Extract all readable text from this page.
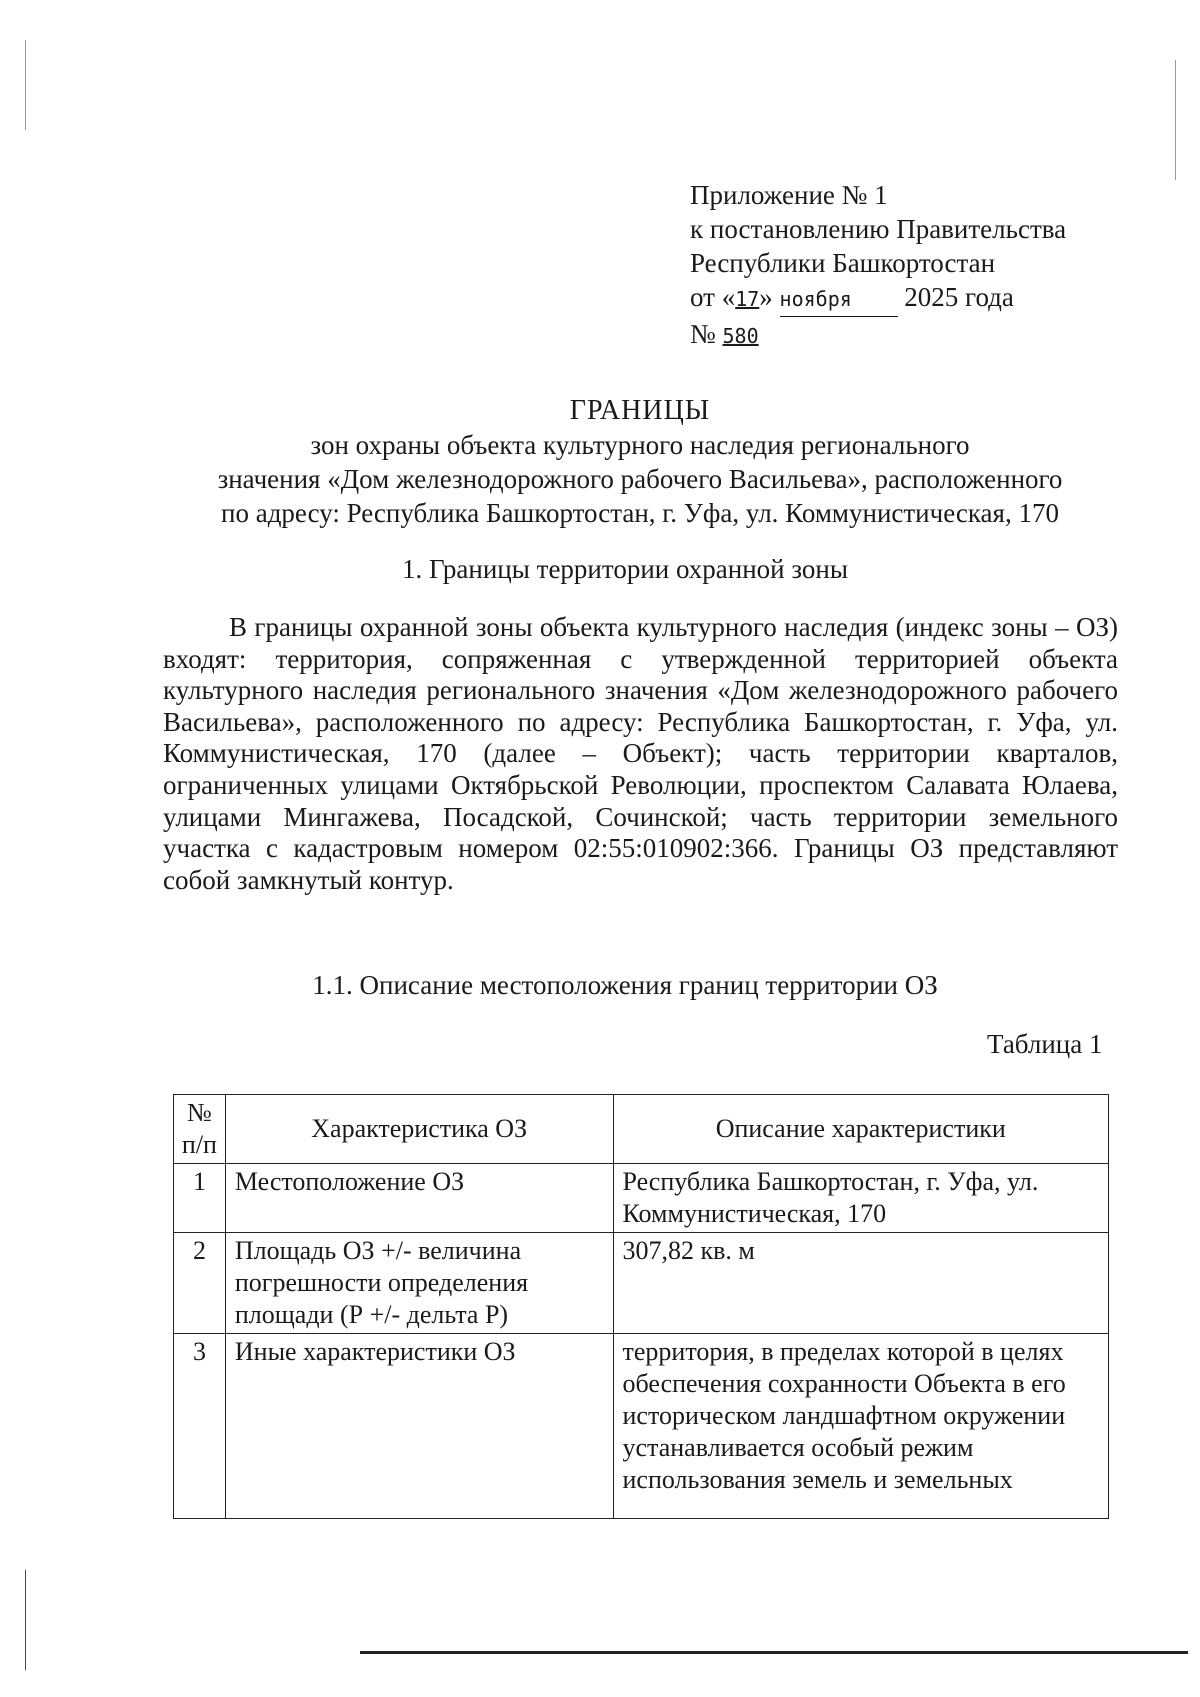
Приложение № 1
к постановлению Правительства
Республики Башкортостан
от «17» ноября 2025 года
№ 580
ГРАНИЦЫ
зон охраны объекта культурного наследия регионального
значения «Дом железнодорожного рабочего Васильева», расположенного
по адресу: Республика Башкортостан, г. Уфа, ул. Коммунистическая, 170
1. Границы территории охранной зоны
В границы охранной зоны объекта культурного наследия (индекс зоны – ОЗ) входят: территория, сопряженная с утвержденной территорией объекта культурного наследия регионального значения «Дом железнодорожного рабочего Васильева», расположенного по адресу: Республика Башкортостан, г. Уфа, ул. Коммунистическая, 170 (далее – Объект); часть территории кварталов, ограниченных улицами Октябрьской Революции, проспектом Салавата Юлаева, улицами Мингажева, Посадской, Сочинской; часть территории земельного участка с кадастровым номером 02:55:010902:366. Границы ОЗ представляют собой замкнутый контур.
1.1. Описание местоположения границ территории ОЗ
Таблица 1
№ п/п	Характеристика ОЗ	Описание характеристики
1	Местоположение ОЗ	Республика Башкортостан, г. Уфа, ул. Коммунистическая, 170
2	Площадь ОЗ +/- величина погрешности определения площади (Р +/- дельта Р)	307,82 кв. м
3	Иные характеристики ОЗ	территория, в пределах которой в целях обеспечения сохранности Объекта в его историческом ландшафтном окружении устанавливается особый режим использования земель и земельных
